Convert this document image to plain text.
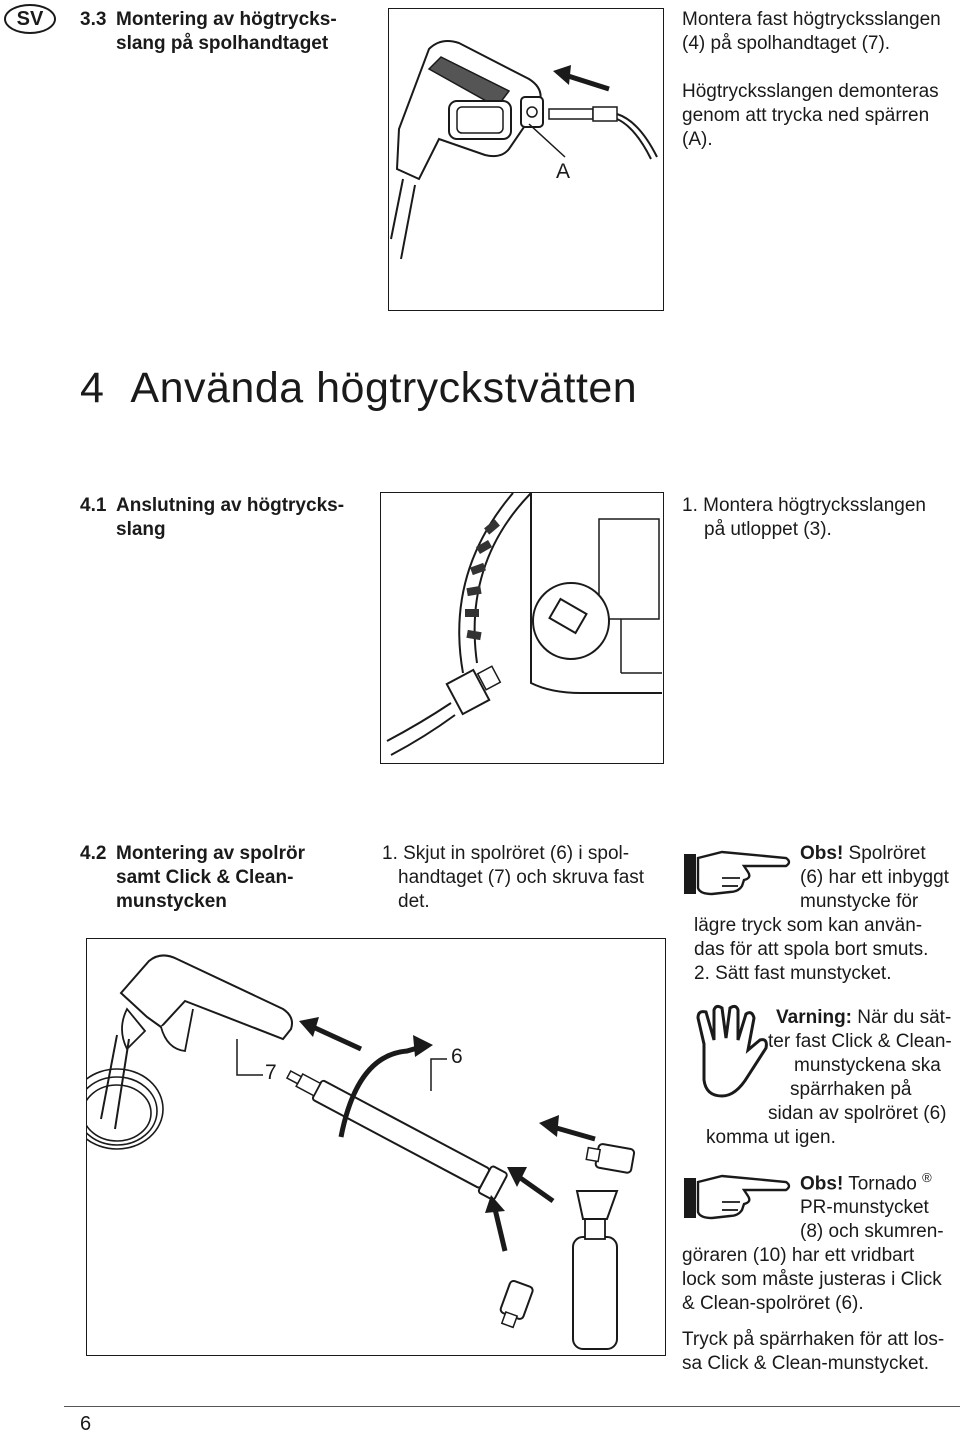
SV	3.3 Montering av högtrycks-
slang på spolhandtaget
A
Montera fast högtrycksslangen
(4) på spolhandtaget (7).
Högtrycksslangen demonteras
genom att trycka ned spärren
(A).
4 Använda högtryckstvätten
4.1 Anslutning av högtrycks-
slang
1. Montera högtrycksslangen
på utloppet (3).
4.2 Montering av spolrör
samt Click & Clean-
munstycken
1. Skjut in spolröret (6) i spol-
handtaget (7) och skruva fast
det.
7
6
Obs! Spolröret
(6) har ett inbyggt
munstycke för
lägre tryck som kan använ-
das för att spola bort smuts.
2. Sätt fast munstycket.
Varning: När du sät-
ter fast Click & Clean-
munstyckena ska
spärrhaken på
sidan av spolröret (6)
komma ut igen.
Obs! Tornado ®
PR-munstycket
(8) och skumren-
göraren (10) har ett vridbart
lock som måste justeras i Click
& Clean-spolröret (6).
Tryck på spärrhaken för att los-
sa Click & Clean-munstycket.
6
